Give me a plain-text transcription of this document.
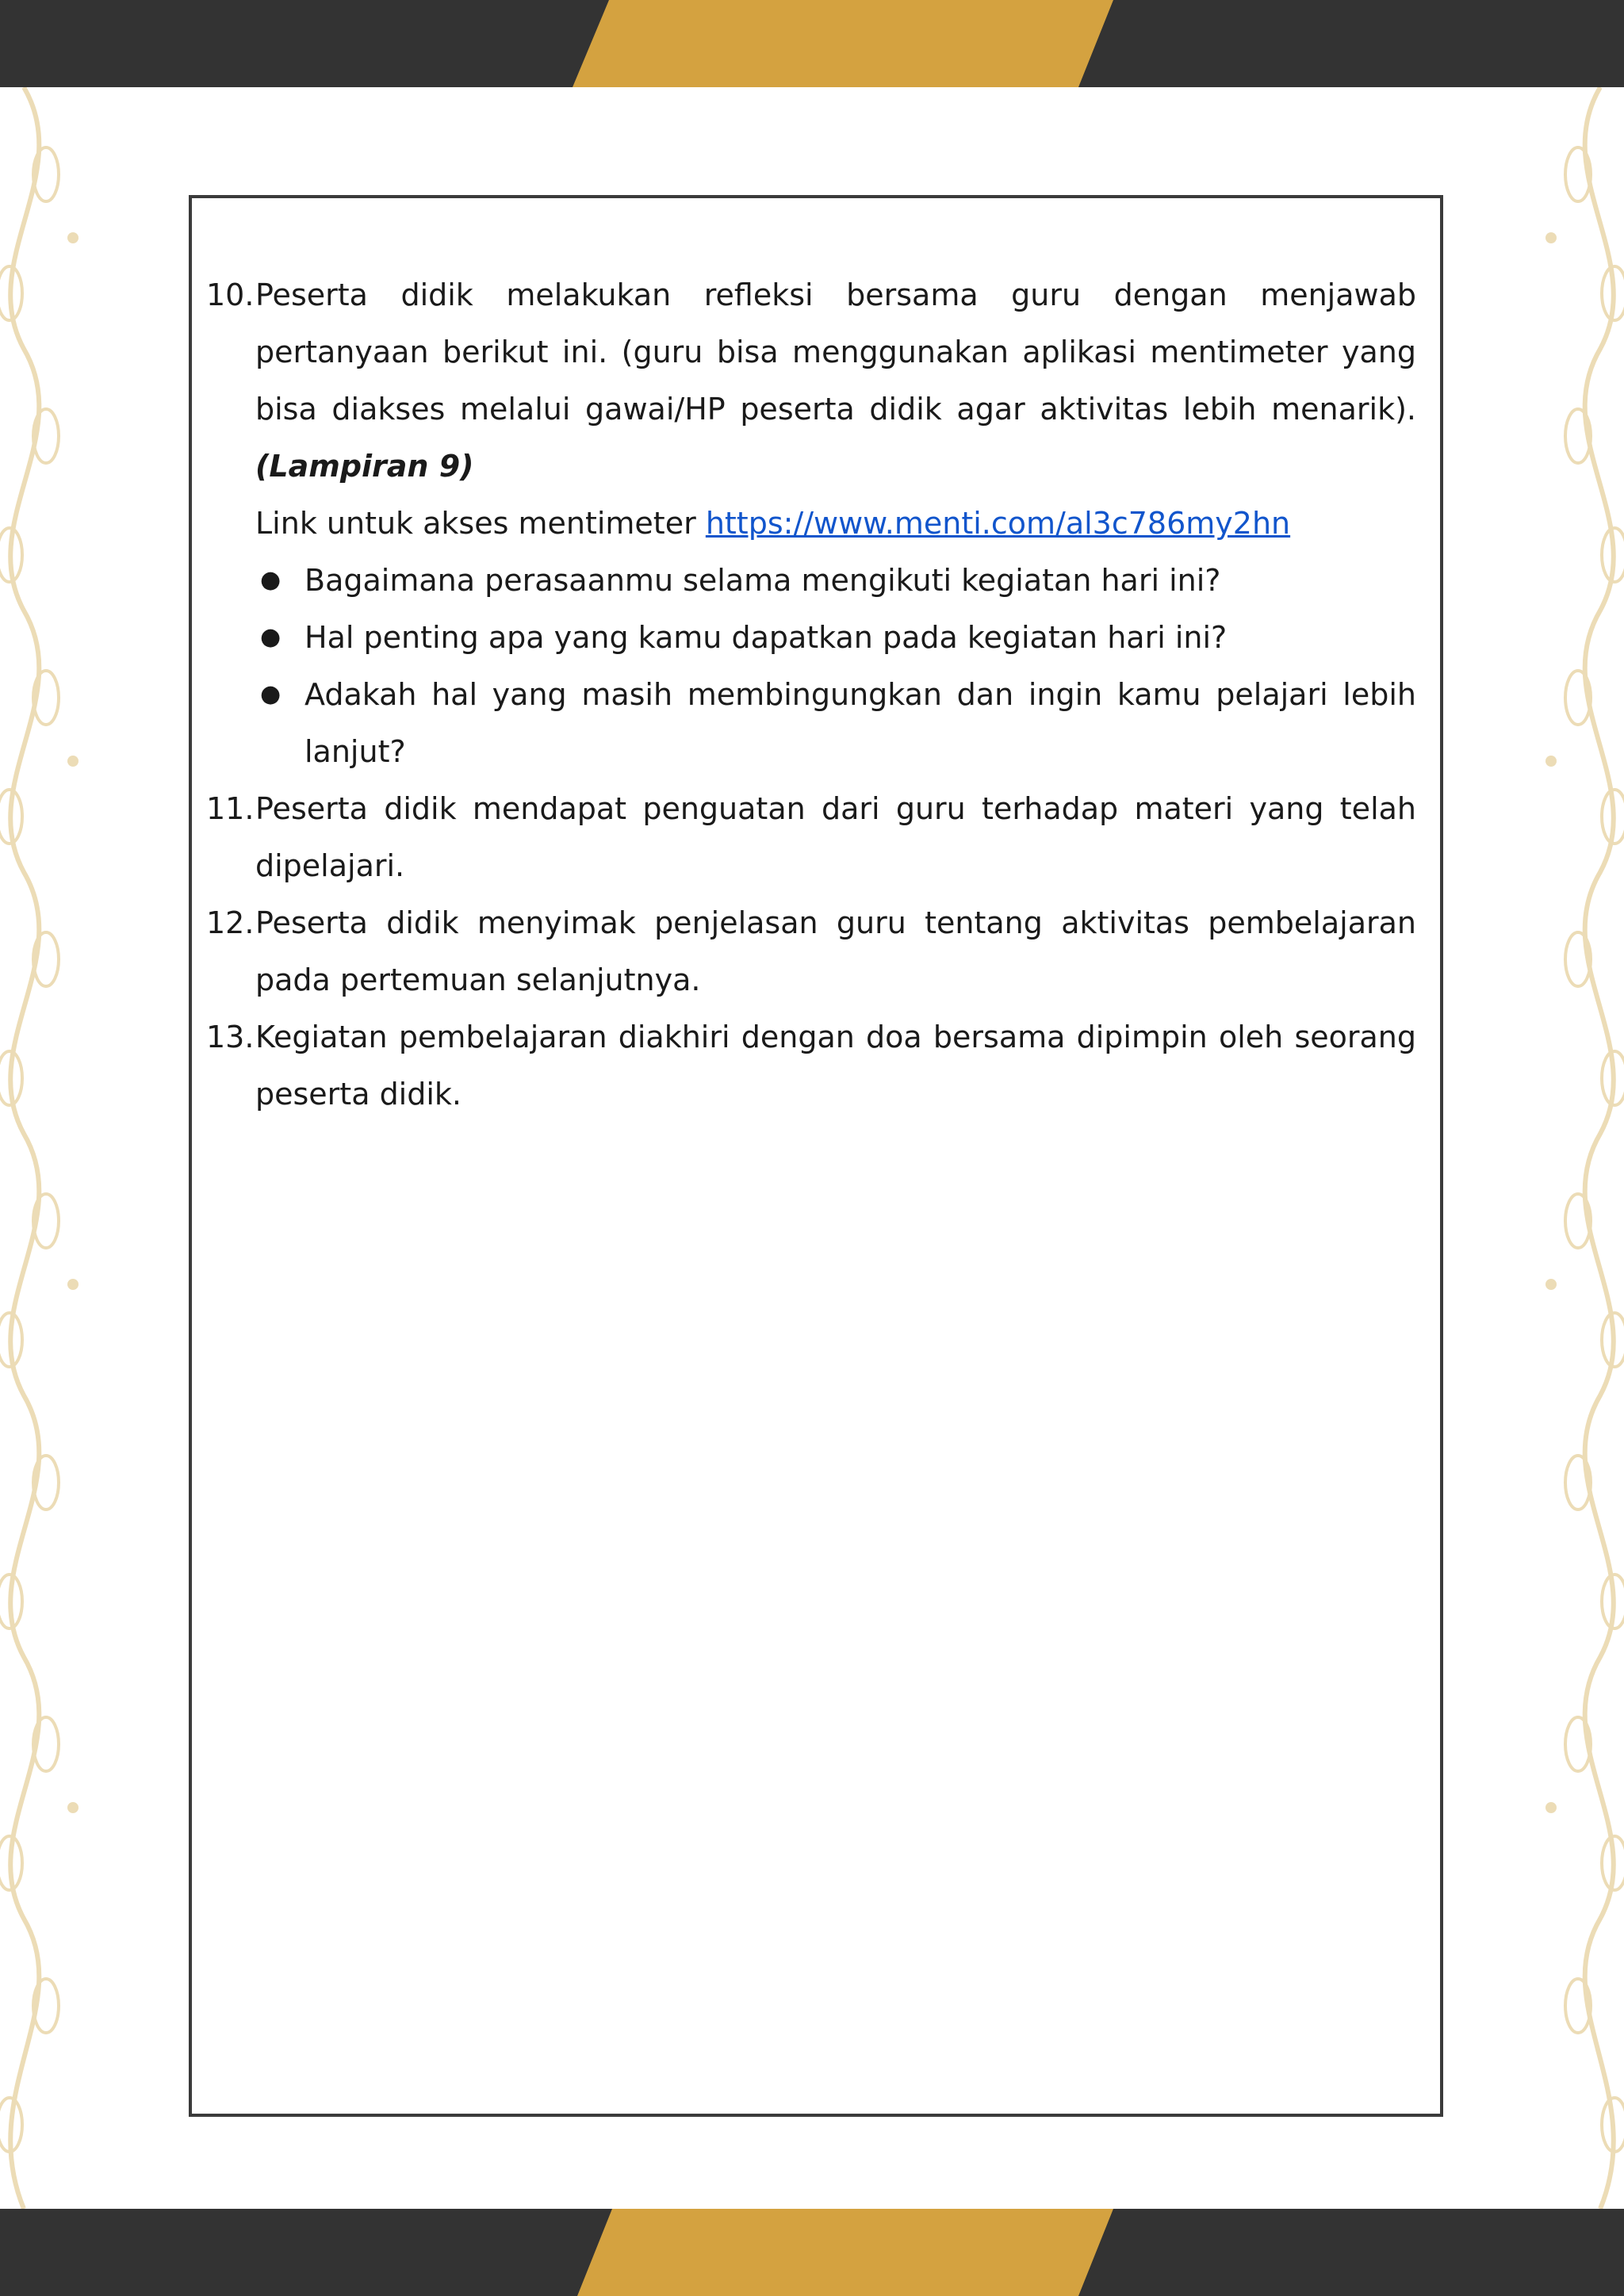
10. Peserta didik melakukan refleksi bersama guru dengan menjawab pertanyaan berikut ini. (guru bisa menggunakan aplikasi mentimeter yang bisa diakses melalui gawai/HP peserta didik agar aktivitas lebih menarik). (Lampiran 9)
Link untuk akses mentimeter https://www.menti.com/al3c786my2hn
● Bagaimana perasaanmu selama mengikuti kegiatan hari ini?
● Hal penting apa yang kamu dapatkan pada kegiatan hari ini?
● Adakah hal yang masih membingungkan dan ingin kamu pelajari lebih lanjut?
11. Peserta didik mendapat penguatan dari guru terhadap materi yang telah dipelajari.
12. Peserta didik menyimak penjelasan guru tentang aktivitas pembelajaran pada pertemuan selanjutnya.
13. Kegiatan pembelajaran diakhiri dengan doa bersama dipimpin oleh seorang peserta didik.
